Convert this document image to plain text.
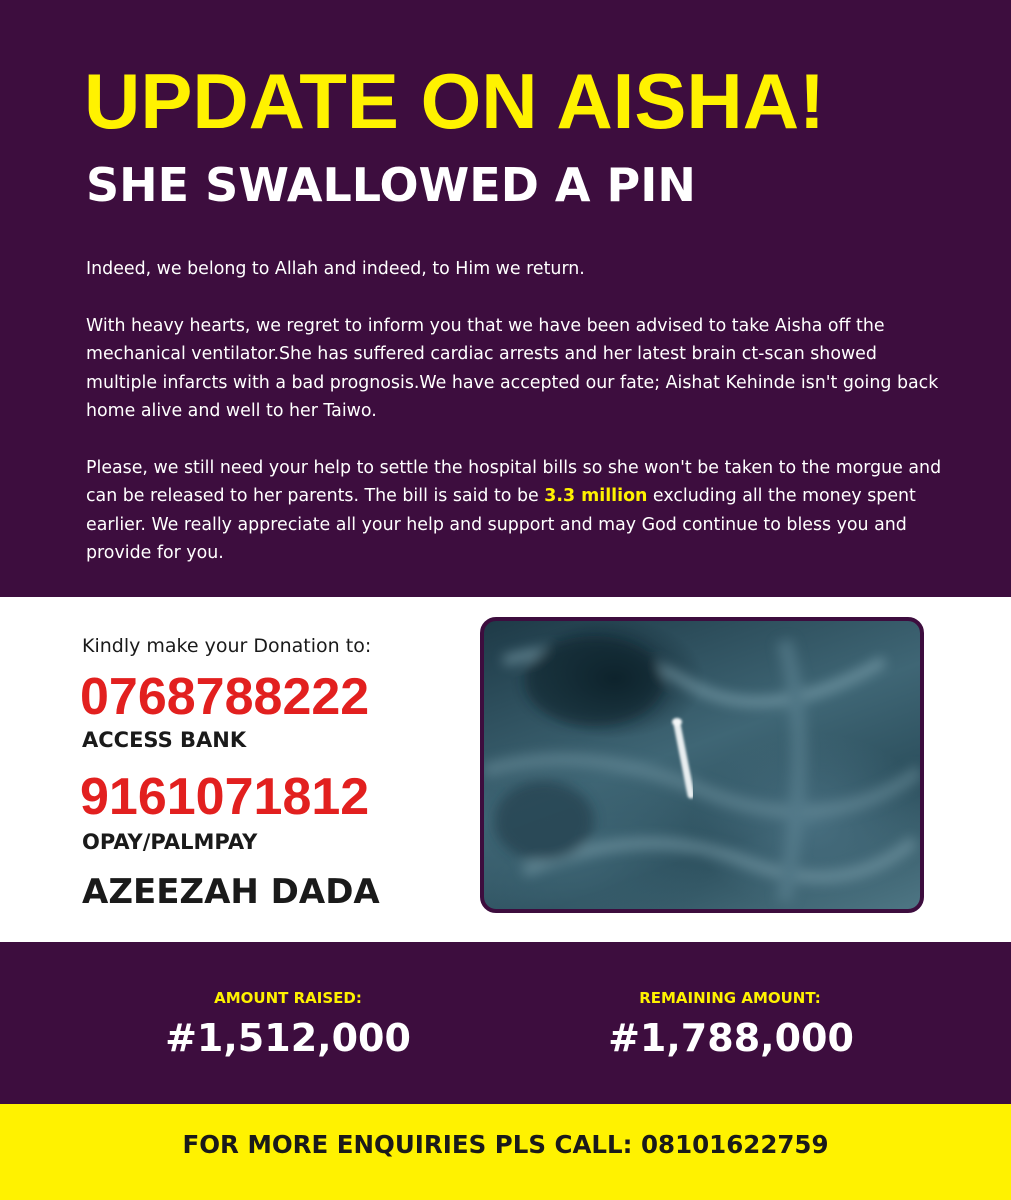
UPDATE ON AISHA!
SHE SWALLOWED A PIN

Indeed, we belong to Allah and indeed, to Him we return.

With heavy hearts, we regret to inform you that we have been advised to take Aisha off the mechanical ventilator.She has suffered cardiac arrests and her latest brain ct-scan showed multiple infarcts with a bad prognosis.We have accepted our fate; Aishat Kehinde isn't going back home alive and well to her Taiwo.

Please, we still need your help to settle the hospital bills so she won't be taken to the morgue and can be released to her parents. The bill is said to be 3.3 million excluding all the money spent earlier. We really appreciate all your help and support and may God continue to bless you and provide for you.

Kindly make your Donation to:
0768788222
ACCESS BANK
9161071812
OPAY/PALMPAY
AZEEZAH DADA
AMOUNT RAISED:
#1,512,000
REMAINING AMOUNT:
#1,788,000
FOR MORE ENQUIRIES PLS CALL: 08101622759
